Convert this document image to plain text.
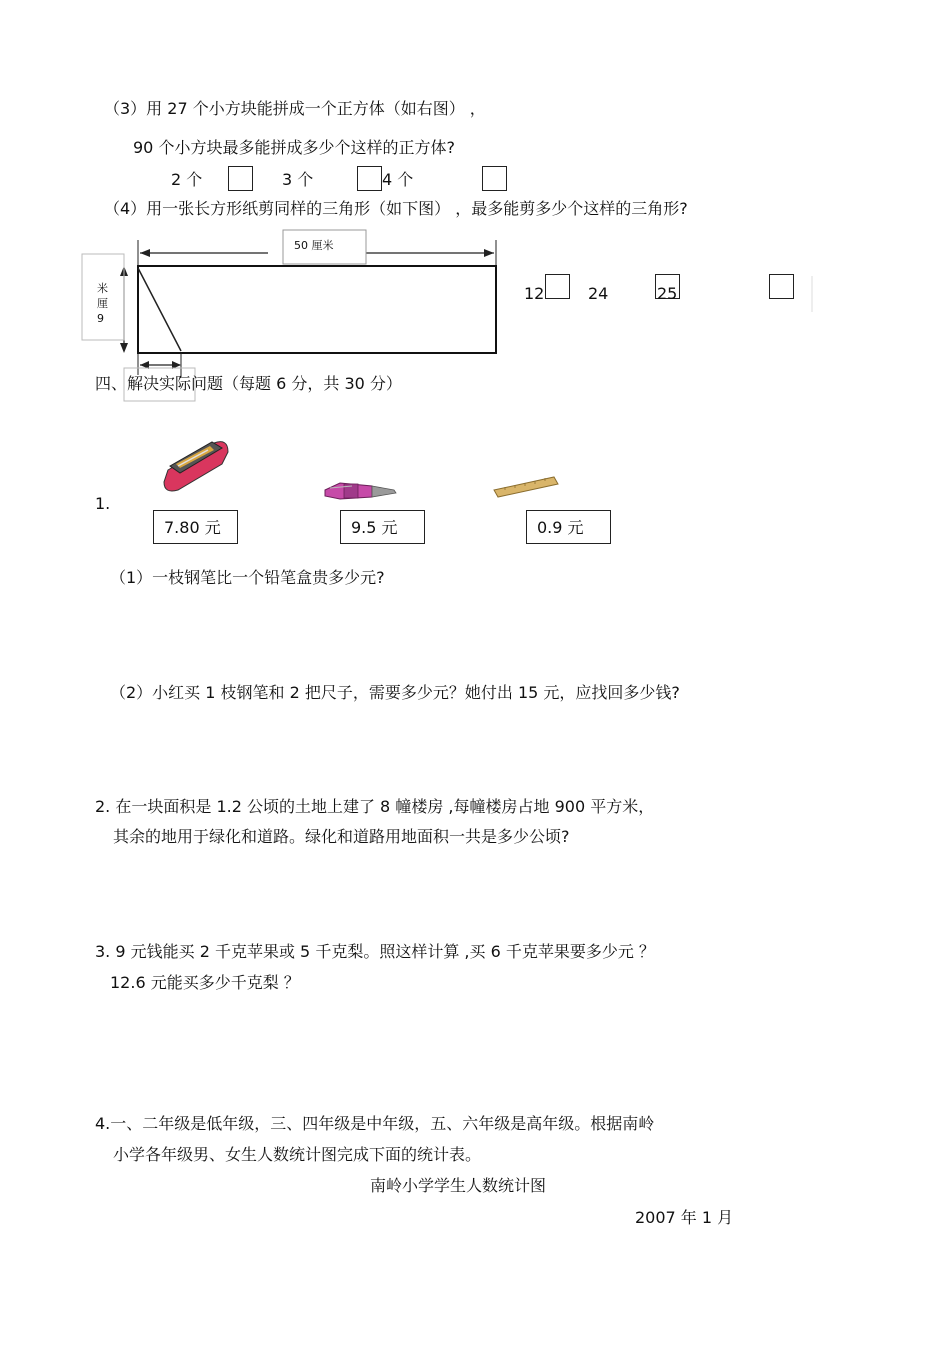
（3）用 27 个小方块能拼成一个正方体（如右图） ，
90 个小方块最多能拼成多少个这样的正方体?
2 个	3 个	4 个
（4）用一张长方形纸剪同样的三角形（如下图） ，最多能剪多少个这样的三角形?
50 厘米
米
厘
9
12	24	25
四、解决实际问题（每题 6 分，共 30 分）
1.
7.80 元	9.5 元	0.9 元
（1）一枝钢笔比一个铅笔盒贵多少元?
（2）小红买 1 枝钢笔和 2 把尺子，需要多少元？她付出 15 元，应找回多少钱?
2. 在一块面积是 1.2 公顷的土地上建了 8 幢楼房 ,每幢楼房占地 900 平方米，
其余的地用于绿化和道路。绿化和道路用地面积一共是多少公顷?
3. 9 元钱能买 2 千克苹果或 5 千克梨。照这样计算 ,买 6 千克苹果要多少元 ？
12.6 元能买多少千克梨 ？
4.一、二年级是低年级，三、四年级是中年级，五、六年级是高年级。根据南岭
小学各年级男、女生人数统计图完成下面的统计表。
南岭小学学生人数统计图
2007 年 1 月
